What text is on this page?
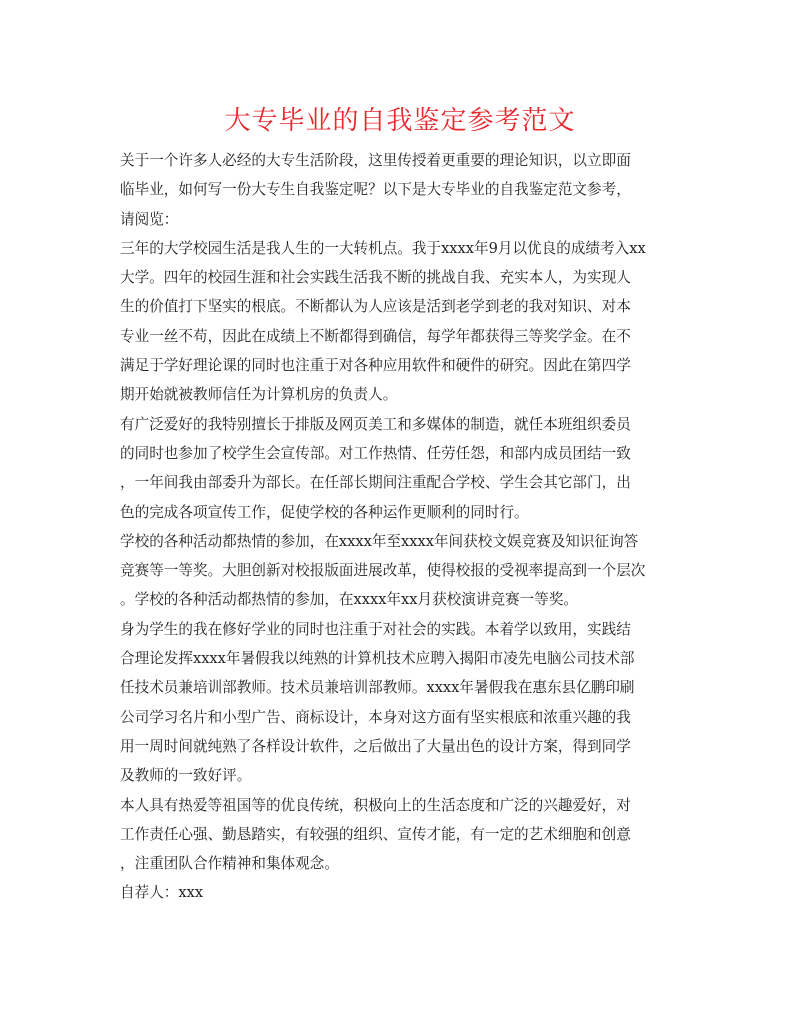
大专毕业的自我鉴定参考范文
关于一个许多人必经的大专生活阶段，这里传授着更重要的理论知识，以立即面
临毕业，如何写一份大专生自我鉴定呢？以下是大专毕业的自我鉴定范文参考，
请阅览：
三年的大学校园生活是我人生的一大转机点。我于xxxx年9月以优良的成绩考入xx
大学。四年的校园生涯和社会实践生活我不断的挑战自我、充实本人，为实现人
生的价值打下坚实的根底。不断都认为人应该是活到老学到老的我对知识、对本
专业一丝不苟，因此在成绩上不断都得到确信，每学年都获得三等奖学金。在不
满足于学好理论课的同时也注重于对各种应用软件和硬件的研究。因此在第四学
期开始就被教师信任为计算机房的负责人。
有广泛爱好的我特别擅长于排版及网页美工和多媒体的制造，就任本班组织委员
的同时也参加了校学生会宣传部。对工作热情、任劳任怨，和部内成员团结一致
，一年间我由部委升为部长。在任部长期间注重配合学校、学生会其它部门，出
色的完成各项宣传工作，促使学校的各种运作更顺利的同时行。
学校的各种活动都热情的参加，在xxxx年至xxxx年间获校文娱竞赛及知识征询答
竞赛等一等奖。大胆创新对校报版面进展改革，使得校报的受视率提高到一个层次
。学校的各种活动都热情的参加，在xxxx年xx月获校演讲竞赛一等奖。
身为学生的我在修好学业的同时也注重于对社会的实践。本着学以致用，实践结
合理论发挥xxxx年暑假我以纯熟的计算机技术应聘入揭阳市凌先电脑公司技术部
任技术员兼培训部教师。技术员兼培训部教师。xxxx年暑假我在惠东县亿鹏印刷
公司学习名片和小型广告、商标设计，本身对这方面有坚实根底和浓重兴趣的我
用一周时间就纯熟了各样设计软件，之后做出了大量出色的设计方案，得到同学
及教师的一致好评。
本人具有热爱等祖国等的优良传统，积极向上的生活态度和广泛的兴趣爱好，对
工作责任心强、勤恳踏实，有较强的组织、宣传才能，有一定的艺术细胞和创意
，注重团队合作精神和集体观念。
自荐人：xxx
